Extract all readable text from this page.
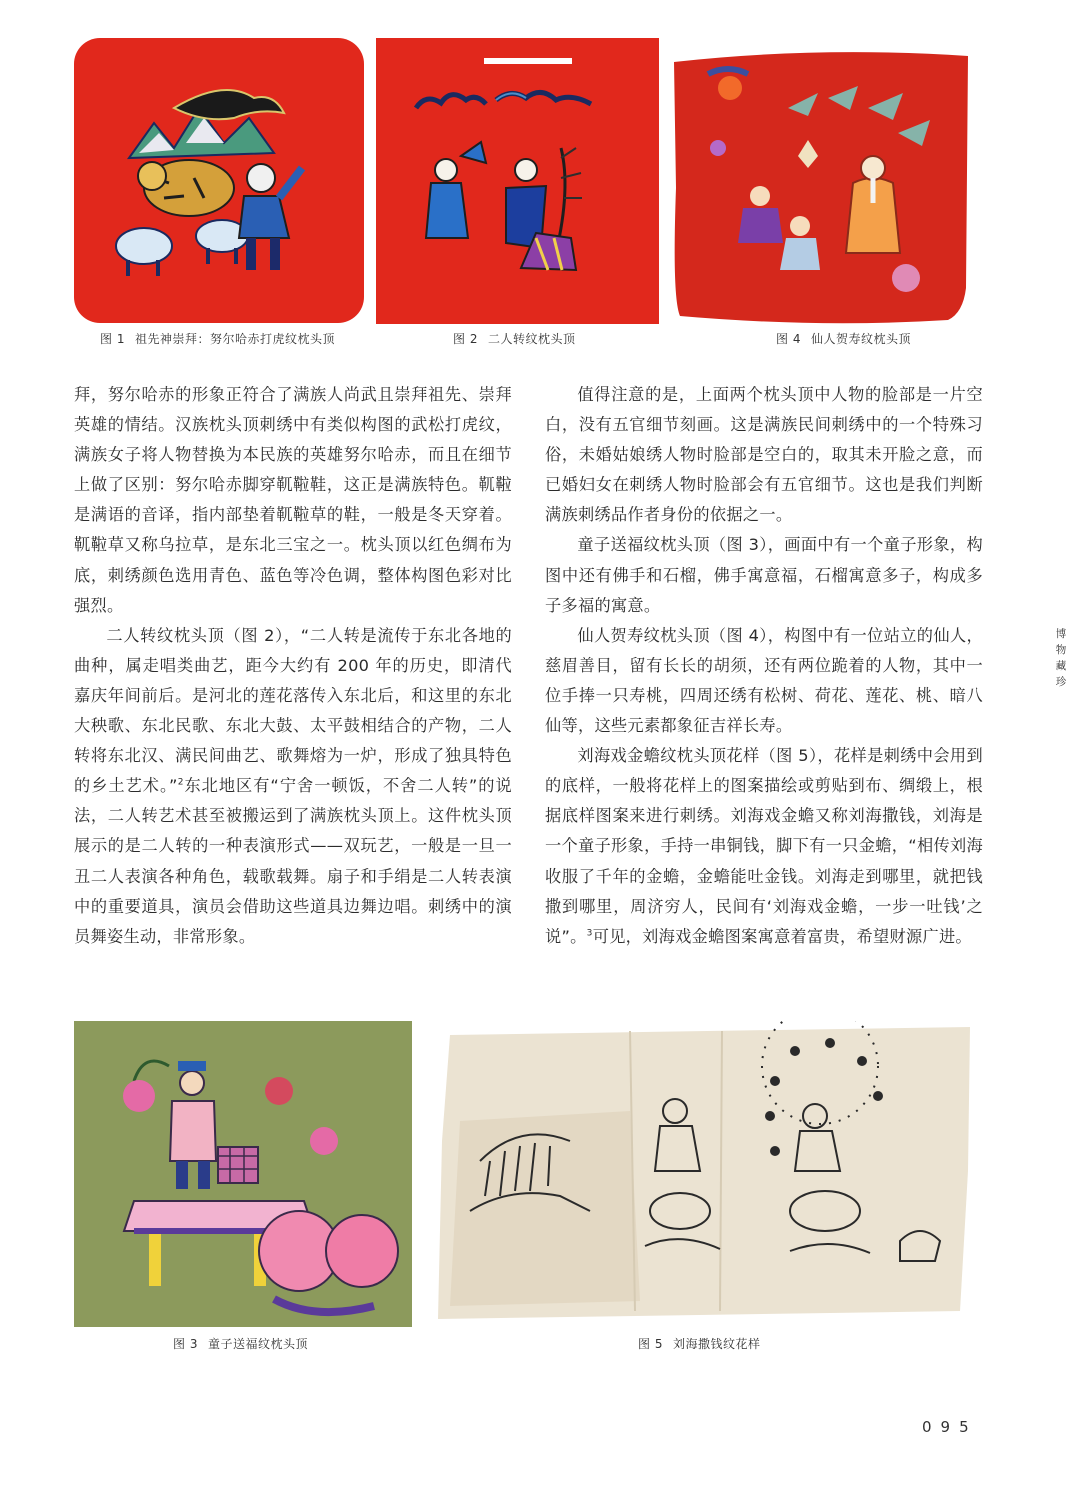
图 1 祖先神崇拜：努尔哈赤打虎纹枕头顶	图 2 二人转纹枕头顶	图 4 仙人贺寿纹枕头顶

拜，努尔哈赤的形象正符合了满族人尚武且崇拜祖先、崇拜英雄的情结。汉族枕头顶刺绣中有类似构图的武松打虎纹，满族女子将人物替换为本民族的英雄努尔哈赤，而且在细节上做了区别：努尔哈赤脚穿靰鞡鞋，这正是满族特色。靰鞡是满语的音译，指内部垫着靰鞡草的鞋，一般是冬天穿着。靰鞡草又称乌拉草，是东北三宝之一。枕头顶以红色绸布为底，刺绣颜色选用青色、蓝色等冷色调，整体构图色彩对比强烈。

二人转纹枕头顶（图 2），“二人转是流传于东北各地的曲种，属走唱类曲艺，距今大约有 200 年的历史，即清代嘉庆年间前后。是河北的莲花落传入东北后，和这里的东北大秧歌、东北民歌、东北大鼓、太平鼓相结合的产物，二人转将东北汉、满民间曲艺、歌舞熔为一炉，形成了独具特色的乡土艺术。”$^2$东北地区有“宁舍一顿饭，不舍二人转”的说法，二人转艺术甚至被搬运到了满族枕头顶上。这件枕头顶展示的是二人转的一种表演形式——双玩艺，一般是一旦一丑二人表演各种角色，载歌载舞。扇子和手绢是二人转表演中的重要道具，演员会借助这些道具边舞边唱。刺绣中的演员舞姿生动，非常形象。

值得注意的是，上面两个枕头顶中人物的脸部是一片空白，没有五官细节刻画。这是满族民间刺绣中的一个特殊习俗，未婚姑娘绣人物时脸部是空白的，取其未开脸之意，而已婚妇女在刺绣人物时脸部会有五官细节。这也是我们判断满族刺绣品作者身份的依据之一。

童子送福纹枕头顶（图 3），画面中有一个童子形象，构图中还有佛手和石榴，佛手寓意福，石榴寓意多子，构成多子多福的寓意。

仙人贺寿纹枕头顶（图 4），构图中有一位站立的仙人，慈眉善目，留有长长的胡须，还有两位跪着的人物，其中一位手捧一只寿桃，四周还绣有松树、荷花、莲花、桃、暗八仙等，这些元素都象征吉祥长寿。

刘海戏金蟾纹枕头顶花样（图 5），花样是刺绣中会用到的底样，一般将花样上的图案描绘或剪贴到布、绸缎上，根据底样图案来进行刺绣。刘海戏金蟾又称刘海撒钱，刘海是一个童子形象，手持一串铜钱，脚下有一只金蟾，“相传刘海收服了千年的金蟾，金蟾能吐金钱。刘海走到哪里，就把钱撒到哪里，周济穷人，民间有‘刘海戏金蟾，一步一吐钱’之说”。$^3$可见，刘海戏金蟾图案寓意着富贵，希望财源广进。

博物藏珍
图 3 童子送福纹枕头顶	图 5 刘海撒钱纹花样
095
